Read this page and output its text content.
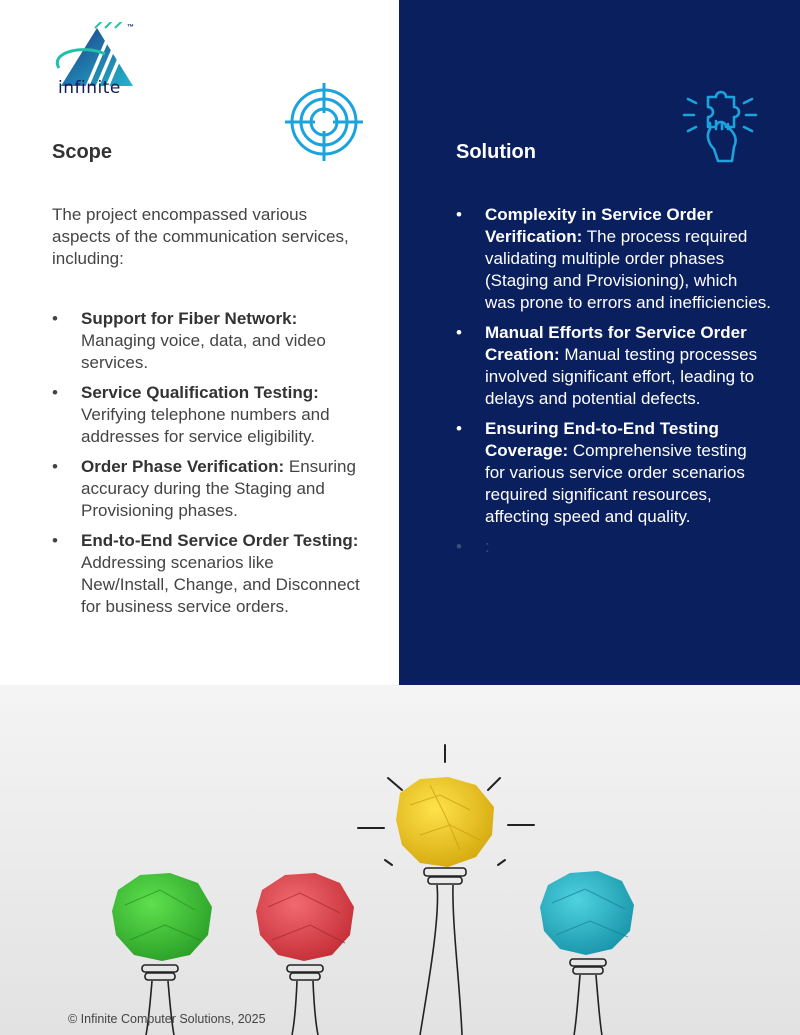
infinite
™
Scope	Solution

The project encompassed various aspects of the communication services, including:

• Support for Fiber Network: Managing voice, data, and video services.
• Service Qualification Testing: Verifying telephone numbers and addresses for service eligibility.
• Order Phase Verification: Ensuring accuracy during the Staging and Provisioning phases.
• End-to-End Service Order Testing: Addressing scenarios like New/Install, Change, and Disconnect for business service orders.
• Complexity in Service Order Verification: The process required validating multiple order phases (Staging and Provisioning), which was prone to errors and inefficiencies.
• Manual Efforts for Service Order Creation: Manual testing processes involved significant effort, leading to delays and potential defects.
• Ensuring End-to-End Testing Coverage: Comprehensive testing for various service order scenarios required significant resources, affecting speed and quality.
• :
© Infinite Computer Solutions, 2025
